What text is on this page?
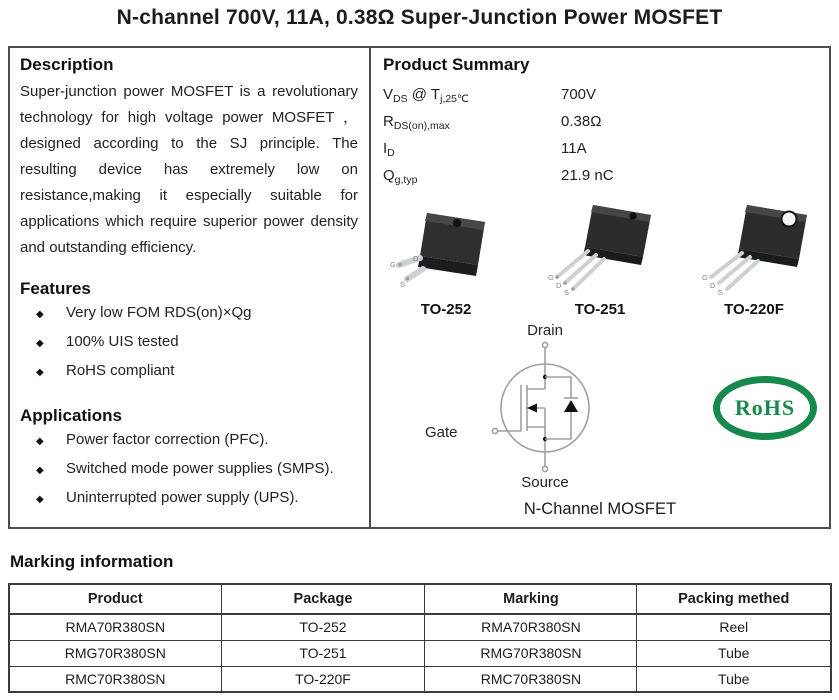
N-channel 700V, 11A, 0.38Ω Super-Junction Power MOSFET
Description

Super-junction power MOSFET is a revolutionary technology for high voltage power MOSFET ， designed according to the SJ principle. The resulting device has extremely low on resistance,making it especially suitable for applications which require superior power density and outstanding efficiency.

Features
◆	Very low FOM RDS(on)×Qg
◆	100% UIS tested
◆	RoHS compliant
Applications
◆	Power factor correction (PFC).
◆	Switched mode power supplies (SMPS).
◆	Uninterrupted power supply (UPS).
Product Summary
$V_{DS}$ @ $T_{j,25℃}$	700V
$R_{DS(on),max}$	0.38Ω
$I_D$	11A
$Q_{g,typ}$	21.9 nC
G
D
S
TO-252
G
D
S
TO-251
G
D
S
TO-220F
Drain
Gate
Source
RoHS
N-Channel MOSFET
Marking information
Product	Package	Marking	Packing methed
RMA70R380SN	TO-252	RMA70R380SN	Reel
RMG70R380SN	TO-251	RMG70R380SN	Tube
RMC70R380SN	TO-220F	RMC70R380SN	Tube
